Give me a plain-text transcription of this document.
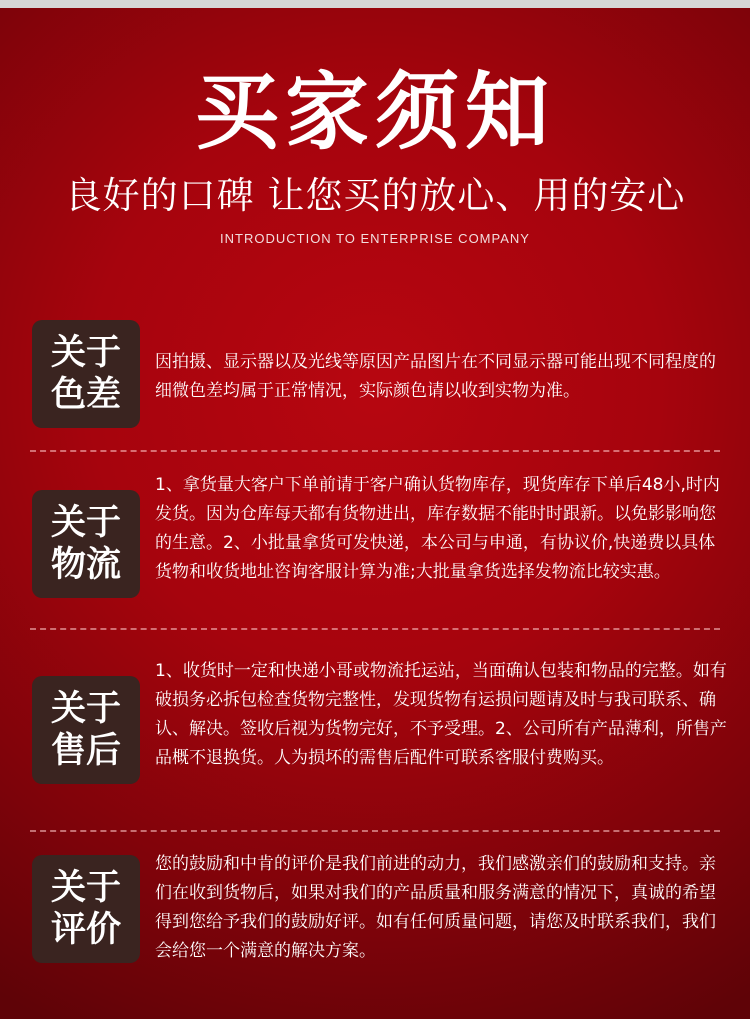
买家须知
良好的口碑 让您买的放心、用的安心
INTRODUCTION TO ENTERPRISE COMPANY
关于
色差
因拍摄、显示器以及光线等原因产品图片在不同显示器可能出现不同程度的细微色差均属于正常情况，实际颜色请以收到实物为准。
关于
物流
1、拿货量大客户下单前请于客户确认货物库存，现货库存下单后48小,时内发货。因为仓库每天都有货物进出，库存数据不能时时跟新。以免影影响您的生意。2、小批量拿货可发快递，本公司与申通，有协议价,快递费以具体货物和收货地址咨询客服计算为准;大批量拿货选择发物流比较实惠。
关于
售后
1、收货时一定和快递小哥或物流托运站，当面确认包装和物品的完整。如有破损务必拆包检查货物完整性，发现货物有运损问题请及时与我司联系、确认、解决。签收后视为货物完好，不予受理。2、公司所有产品薄利，所售产品概不退换货。人为损坏的需售后配件可联系客服付费购买。
关于
评价
您的鼓励和中肯的评价是我们前进的动力，我们感激亲们的鼓励和支持。亲们在收到货物后，如果对我们的产品质量和服务满意的情况下，真诚的希望得到您给予我们的鼓励好评。如有任何质量问题，请您及时联系我们，我们会给您一个满意的解决方案。
